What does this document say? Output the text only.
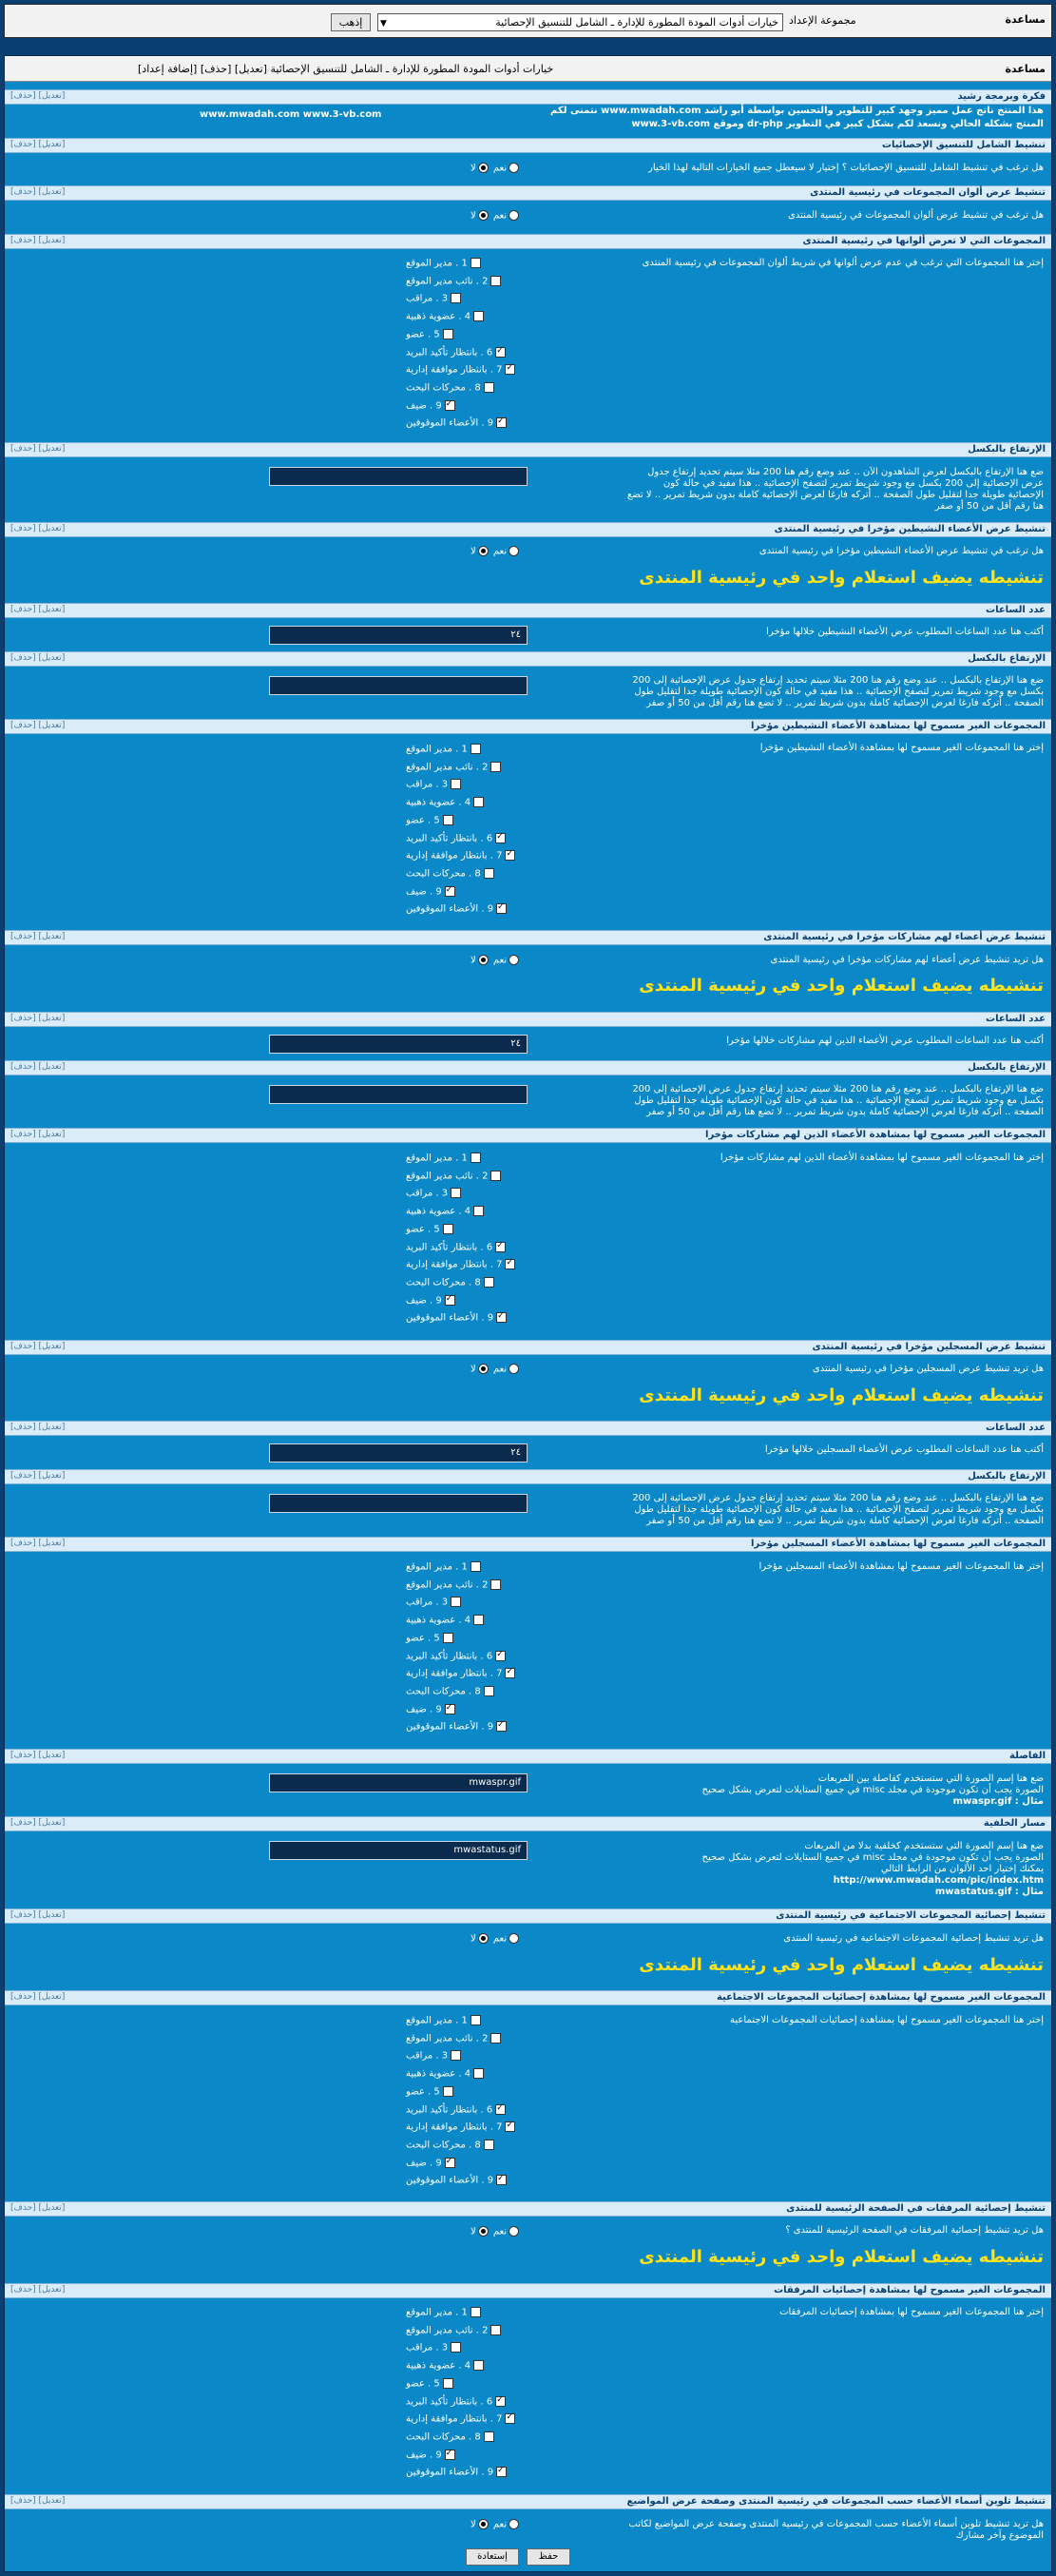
مساعدة
مجموعة الإعداد
▼	خيارات أدوات المودة المطورة للإدارة ـ الشامل للتنسيق الإحصائية
إذهب
مساعدة
خيارات أدوات المودة المطورة للإدارة ـ الشامل للتنسيق الإحصائية [تعديل] [حذف] [إضافة إعداد]
فكرة وبرمجة رشيد
[تعديل] [حذف]
هذا المنتج ناتج عمل مميز وجهد كبير للتطوير والتحسين بواسطة أبو راشد www.mwadah.com نتمنى لكم
المنتج بشكله الحالي ونسعد لكم بشكل كبير في التطوير dr-php وموقع www.3-vb.com
www.mwadah.com www.3-vb.com
تنشيط الشامل للتنسيق الإحصائيات
[تعديل] [حذف]
هل ترغب في تنشيط الشامل للتنسيق الإحصائيات ؟ إختيار لا سيعطل جميع الخيارات التالية لهذا الخيار
نعم لا
تنشيط عرض ألوان المجموعات في رئيسية المنتدى
[تعديل] [حذف]
هل ترغب في تنشيط عرض ألوان المجموعات في رئيسية المنتدى
نعم لا
المجموعات التي لا تعرض ألوانها في رئيسية المنتدى
[تعديل] [حذف]
إختر هنا المجموعات التي ترغب في عدم عرض ألوانها في شريط ألوان المجموعات في رئيسية المنتدى
1 . مدير الموقع
2 . نائب مدير الموقع
3 . مراقب
4 . عضوية ذهبية
5 . عضو
✓6 . بانتظار تأكيد البريد
✓7 . بانتظار موافقة إدارية
8 . محركات البحث
✓9 . ضيف
✓9 . الأعضاء الموقوفين
الإرتفاع بالبكسل
[تعديل] [حذف]
ضع هنا الإرتفاع بالبكسل لعرض الشاهدون الآن .. عند وضع رقم هنا 200 مثلا سيتم تحديد إرتفاع جدول
عرض الإحصائية إلى 200 بكسل مع وجود شريط تمرير لتصفح الإحصائية .. هذا مفيد في حالة كون
الإحصائية طويلة جدا لتقليل طول الصفحة .. أتركه فارغا لعرض الإحصائية كاملة بدون شريط تمرير .. لا تضع
هنا رقم أقل من 50 أو صفر
تنشيط عرض الأعضاء النشيطين مؤخرا في رئيسية المنتدى
[تعديل] [حذف]
هل ترغب في تنشيط عرض الأعضاء النشيطين مؤخرا في رئيسية المنتدى
نعم لا
تنشيطه يضيف استعلام واحد في رئيسية المنتدى
عدد الساعات
[تعديل] [حذف]
أكتب هنا عدد الساعات المطلوب عرض الأعضاء النشيطين خلالها مؤخرا
٢٤
الإرتفاع بالبكسل
[تعديل] [حذف]
ضع هنا الإرتفاع بالبكسل .. عند وضع رقم هنا 200 مثلا سيتم تحديد إرتفاع جدول عرض الإحصائية إلى 200
بكسل مع وجود شريط تمرير لتصفح الإحصائية .. هذا مفيد في حالة كون الإحصائية طويلة جدا لتقليل طول
الصفحة .. أتركه فارغا لعرض الإحصائية كاملة بدون شريط تمرير .. لا تضع هنا رقم أقل من 50 أو صفر
المجموعات الغير مسموح لها بمشاهدة الأعضاء النشيطين مؤخرا
[تعديل] [حذف]
إختر هنا المجموعات الغير مسموح لها بمشاهدة الأعضاء النشيطين مؤخرا
1 . مدير الموقع
2 . نائب مدير الموقع
3 . مراقب
4 . عضوية ذهبية
5 . عضو
✓6 . بانتظار تأكيد البريد
✓7 . بانتظار موافقة إدارية
8 . محركات البحث
✓9 . ضيف
✓9 . الأعضاء الموقوفين
تنشيط عرض أعضاء لهم مشاركات مؤخرا في رئيسية المنتدى
[تعديل] [حذف]
هل تريد تنشيط عرض أعضاء لهم مشاركات مؤخرا في رئيسية المنتدى
نعم لا
تنشيطه يضيف استعلام واحد في رئيسية المنتدى
عدد الساعات
[تعديل] [حذف]
أكتب هنا عدد الساعات المطلوب عرض الأعضاء الذين لهم مشاركات خلالها مؤخرا
٢٤
الإرتفاع بالبكسل
[تعديل] [حذف]
ضع هنا الإرتفاع بالبكسل .. عند وضع رقم هنا 200 مثلا سيتم تحديد إرتفاع جدول عرض الإحصائية إلى 200
بكسل مع وجود شريط تمرير لتصفح الإحصائية .. هذا مفيد في حالة كون الإحصائية طويلة جدا لتقليل طول
الصفحة .. أتركه فارغا لعرض الإحصائية كاملة بدون شريط تمرير .. لا تضع هنا رقم أقل من 50 أو صفر
المجموعات الغير مسموح لها بمشاهدة الأعضاء الذين لهم مشاركات مؤخرا
[تعديل] [حذف]
إختر هنا المجموعات الغير مسموح لها بمشاهدة الأعضاء الذين لهم مشاركات مؤخرا
1 . مدير الموقع
2 . نائب مدير الموقع
3 . مراقب
4 . عضوية ذهبية
5 . عضو
✓6 . بانتظار تأكيد البريد
✓7 . بانتظار موافقة إدارية
8 . محركات البحث
✓9 . ضيف
✓9 . الأعضاء الموقوفين
تنشيط عرض المسجلين مؤخرا في رئيسية المنتدى
[تعديل] [حذف]
هل تريد تنشيط عرض المسجلين مؤخرا في رئيسية المنتدى
نعم لا
تنشيطه يضيف استعلام واحد في رئيسية المنتدى
عدد الساعات
[تعديل] [حذف]
أكتب هنا عدد الساعات المطلوب عرض الأعضاء المسجلين خلالها مؤخرا
٢٤
الإرتفاع بالبكسل
[تعديل] [حذف]
ضع هنا الإرتفاع بالبكسل .. عند وضع رقم هنا 200 مثلا سيتم تحديد إرتفاع جدول عرض الإحصائية إلى 200
بكسل مع وجود شريط تمرير لتصفح الإحصائية .. هذا مفيد في حالة كون الإحصائية طويلة جدا لتقليل طول
الصفحة .. أتركه فارغا لعرض الإحصائية كاملة بدون شريط تمرير .. لا تضع هنا رقم أقل من 50 أو صفر
المجموعات الغير مسموح لها بمشاهدة الأعضاء المسجلين مؤخرا
[تعديل] [حذف]
إختر هنا المجموعات الغير مسموح لها بمشاهدة الأعضاء المسجلين مؤخرا
1 . مدير الموقع
2 . نائب مدير الموقع
3 . مراقب
4 . عضوية ذهبية
5 . عضو
✓6 . بانتظار تأكيد البريد
✓7 . بانتظار موافقة إدارية
8 . محركات البحث
✓9 . ضيف
✓9 . الأعضاء الموقوفين
الفاصلة
[تعديل] [حذف]
ضع هنا إسم الصورة التي ستستخدم كفاصلة بين المربعات
الصورة يجب أن تكون موجودة في مجلد misc في جميع الستايلات لتعرض بشكل صحيح
مثال : mwaspr.gif
mwaspr.gif
مسار الخلفية
[تعديل] [حذف]
ضع هنا إسم الصورة التي ستستخدم كخلفية بدلا من المربعات
الصورة يجب أن تكون موجودة في مجلد misc في جميع الستايلات لتعرض بشكل صحيح
يمكنك إختيار احد الألوان من الرابط التالي
http://www.mwadah.com/pic/index.htm
مثال : mwastatus.gif
mwastatus.gif
تنشيط إحصائية المجموعات الاجتماعية في رئيسية المنتدى
[تعديل] [حذف]
هل تريد تنشيط إحصائية المجموعات الاجتماعية في رئيسية المنتدى
نعم لا
تنشيطه يضيف استعلام واحد في رئيسية المنتدى
المجموعات الغير مسموح لها بمشاهدة إحصائيات المجموعات الاجتماعية
[تعديل] [حذف]
إختر هنا المجموعات الغير مسموح لها بمشاهدة إحصائيات المجموعات الاجتماعية
1 . مدير الموقع
2 . نائب مدير الموقع
3 . مراقب
4 . عضوية ذهبية
5 . عضو
✓6 . بانتظار تأكيد البريد
✓7 . بانتظار موافقة إدارية
8 . محركات البحث
✓9 . ضيف
✓9 . الأعضاء الموقوفين
تنشيط إحصائية المرفقات في الصفحة الرئيسية للمنتدى
[تعديل] [حذف]
هل تريد تنشيط إحصائية المرفقات في الصفحة الرئيسية للمنتدى ؟
نعم لا
تنشيطه يضيف استعلام واحد في رئيسية المنتدى
المجموعات الغير مسموح لها بمشاهدة إحصائيات المرفقات
[تعديل] [حذف]
إختر هنا المجموعات الغير مسموح لها بمشاهدة إحصائيات المرفقات
1 . مدير الموقع
2 . نائب مدير الموقع
3 . مراقب
4 . عضوية ذهبية
5 . عضو
✓6 . بانتظار تأكيد البريد
✓7 . بانتظار موافقة إدارية
8 . محركات البحث
✓9 . ضيف
✓9 . الأعضاء الموقوفين
تنشيط تلوين أسماء الأعضاء حسب المجموعات في رئيسية المنتدى وصفحة عرض المواضيع
[تعديل] [حذف]
هل تريد تنشيط تلوين أسماء الأعضاء حسب المجموعات في رئيسية المنتدى وصفحة عرض المواضيع لكاتب
الموضوع وآخر مشارك
نعم لا
حفظ
إستعادة
